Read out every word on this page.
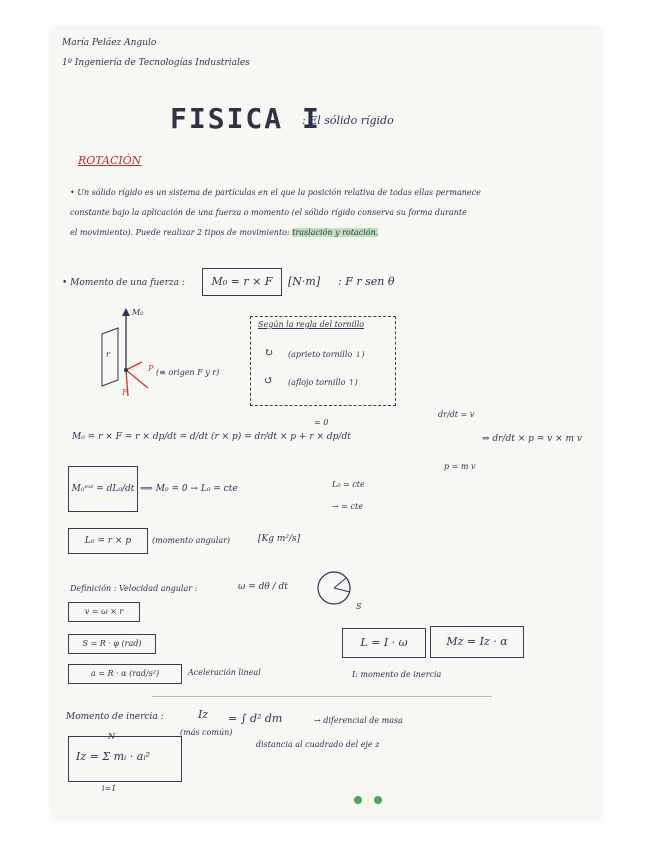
María Peláez Angulo
1º Ingeniería de Tecnologías Industriales
FISICA I
: El sólido rígido
ROTACIÓN
• Un sólido rígido es un sistema de partículas en el que la posición relativa de todas ellas permanece
constante bajo la aplicación de una fuerza o momento (el sólido rígido conserva su forma durante
el movimiento). Puede realizar 2 tipos de movimiento: traslación y rotación.
• Momento de una fuerza :	M₀ = r × F	[N·m] : F r sen θ
M₀
r
P
F
(≡ origen F y r)
Según la regla del tornillo
↻ (aprieto tornillo ↓)
↺ (aflojo tornillo ↑)
M₀ = r × F = r × dp/dt = d/dt (r × p) = dr/dt × p + r × dp/dt
= 0
dr/dt = v
p = m v
⇒ dr/dt × p = v × m v
M₀ᵉˣᵗ = dL₀/dt ⟹ M₀ = 0 → L₀ = cte	L₀ = cte
→ = cte
L₀ = r × p	(momento angular)	[Kg m²/s]
Definición : Velocidad angular :	ω = dθ / dt
S
v = ω × r
S = R · φ (rad)
a = R · α (rad/s²)	Aceleración lineal
L = I · ω	Mz = Iz · α
I: momento de inercia
Momento de inercia :	Iz
(más común)
= ∫ d² dm	→ diferencial de masa
distancia al cuadrado del eje z
N
Iz = Σ mᵢ · aᵢ²
i=1
